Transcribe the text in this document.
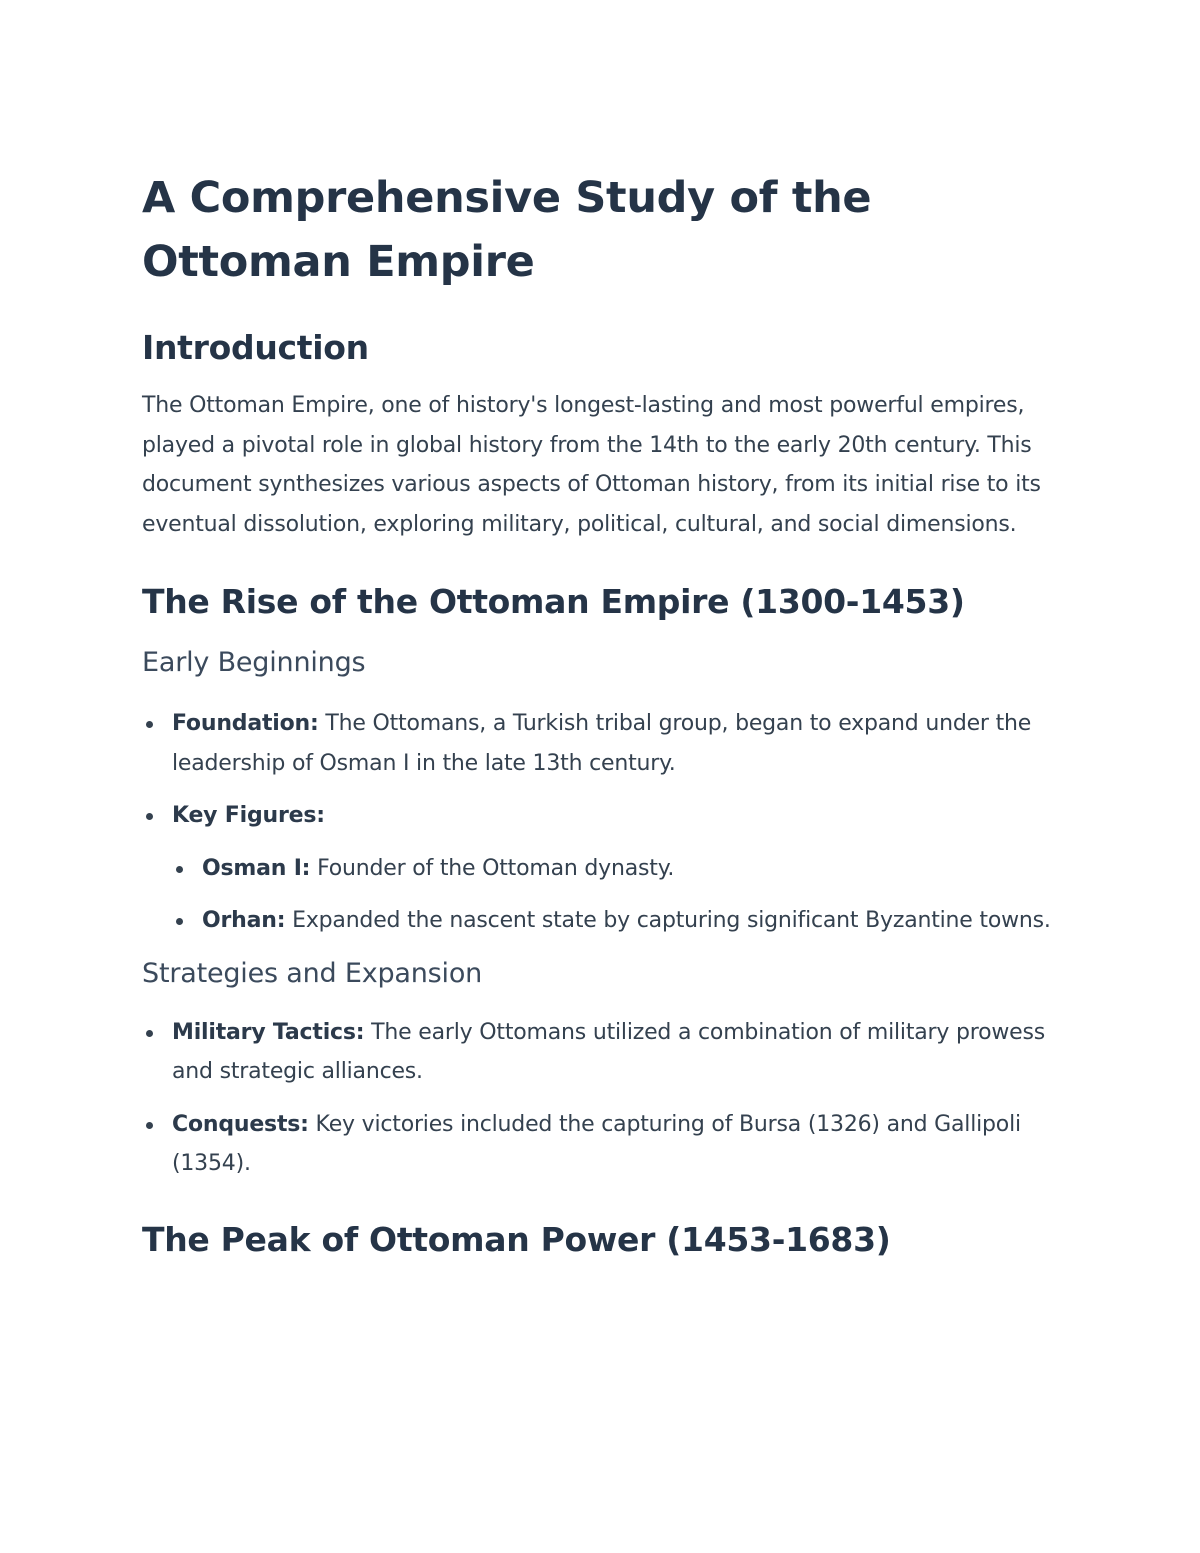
A Comprehensive Study of the Ottoman Empire
Introduction

The Ottoman Empire, one of history's longest-lasting and most powerful empires, played a pivotal role in global history from the 14th to the early 20th century. This document synthesizes various aspects of Ottoman history, from its initial rise to its eventual dissolution, exploring military, political, cultural, and social dimensions.

The Rise of the Ottoman Empire (1300-1453)
Early Beginnings
Foundation: The Ottomans, a Turkish tribal group, began to expand under the leadership of Osman I in the late 13th century.
Key Figures:
Osman I: Founder of the Ottoman dynasty.
Orhan: Expanded the nascent state by capturing significant Byzantine towns.
Strategies and Expansion
Military Tactics: The early Ottomans utilized a combination of military prowess and strategic alliances.
Conquests: Key victories included the capturing of Bursa (1326) and Gallipoli (1354).
The Peak of Ottoman Power (1453-1683)
